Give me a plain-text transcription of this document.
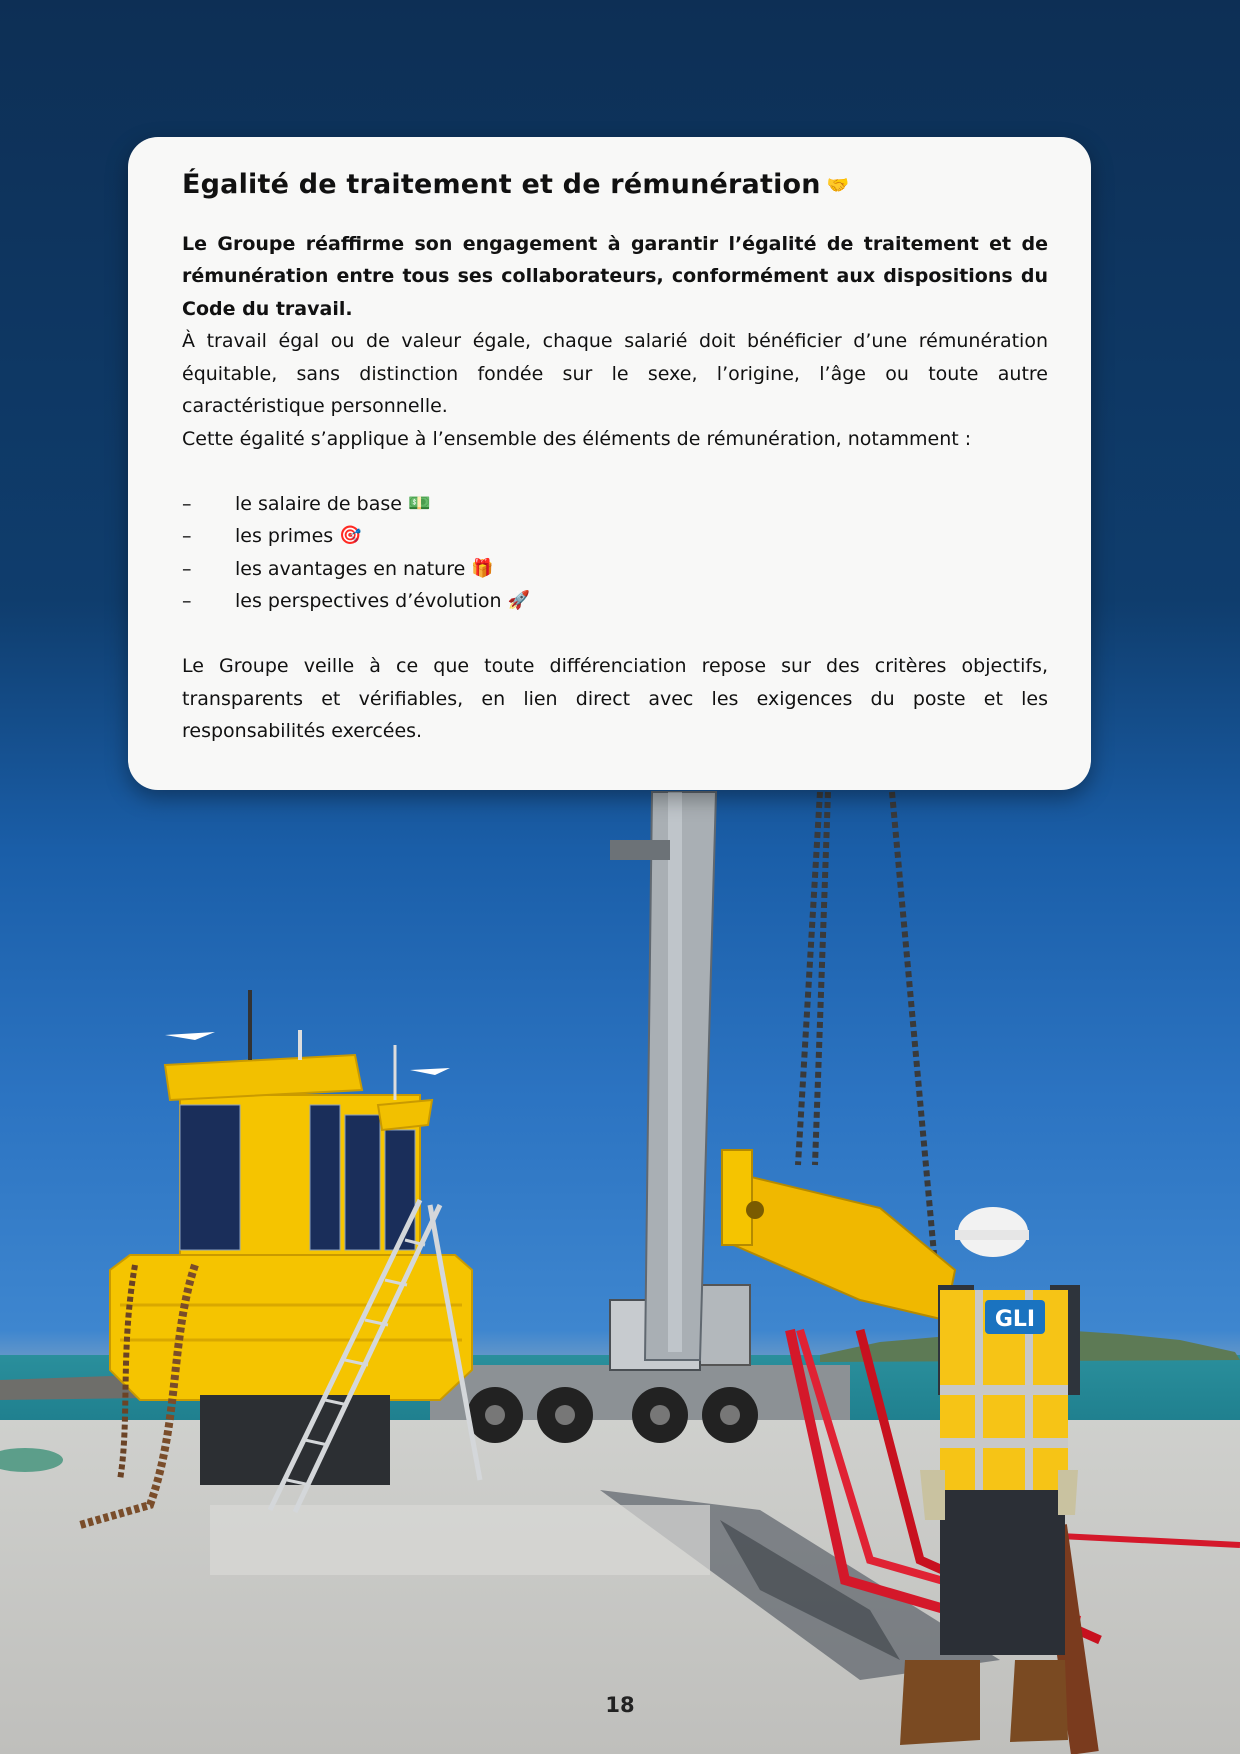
GLI
Égalité de traitement et de rémunération 🤝

Le Groupe réaffirme son engagement à garantir l’égalité de traitement et de rémunération entre tous ses collaborateurs, conformément aux dispositions du Code du travail.

À travail égal ou de valeur égale, chaque salarié doit bénéficier d’une rémunération équitable, sans distinction fondée sur le sexe, l’origine, l’âge ou toute autre caractéristique personnelle.

Cette égalité s’applique à l’ensemble des éléments de rémunération, notamment :

–	le salaire de base 💵
–	les primes 🎯
–	les avantages en nature 🎁
–	les perspectives d’évolution 🚀

Le Groupe veille à ce que toute différenciation repose sur des critères objectifs, transparents et vérifiables, en lien direct avec les exigences du poste et les responsabilités exercées.

18
